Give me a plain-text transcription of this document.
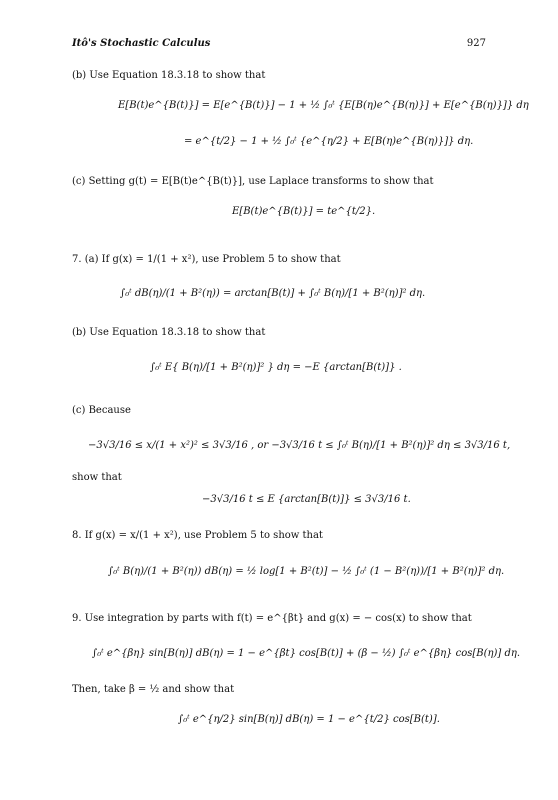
Itô's Stochastic Calculus	927
(b) Use Equation 18.3.18 to show that
E[B(t)e^{B(t)}] = E[e^{B(t)}] − 1 + ½ ∫₀ᵗ {E[B(η)e^{B(η)}] + E[e^{B(η)}]} dη
= e^{t/2} − 1 + ½ ∫₀ᵗ {e^{η/2} + E[B(η)e^{B(η)}]} dη.
(c) Setting g(t) = E[B(t)e^{B(t)}], use Laplace transforms to show that
E[B(t)e^{B(t)}] = te^{t/2}.
7. (a) If g(x) = 1/(1 + x²), use Problem 5 to show that
∫₀ᵗ dB(η)/(1 + B²(η)) = arctan[B(t)] + ∫₀ᵗ B(η)/[1 + B²(η)]² dη.
(b) Use Equation 18.3.18 to show that
∫₀ᵗ E{ B(η)/[1 + B²(η)]² } dη = −E {arctan[B(t)]} .
(c) Because
−3√3/16 ≤ x/(1 + x²)² ≤ 3√3/16 , or −3√3/16 t ≤ ∫₀ᵗ B(η)/[1 + B²(η)]² dη ≤ 3√3/16 t,
show that
−3√3/16 t ≤ E {arctan[B(t)]} ≤ 3√3/16 t.
8. If g(x) = x/(1 + x²), use Problem 5 to show that
∫₀ᵗ B(η)/(1 + B²(η)) dB(η) = ½ log[1 + B²(t)] − ½ ∫₀ᵗ (1 − B²(η))/[1 + B²(η)]² dη.
9. Use integration by parts with f(t) = e^{βt} and g(x) = − cos(x) to show that
∫₀ᵗ e^{βη} sin[B(η)] dB(η) = 1 − e^{βt} cos[B(t)] + (β − ½) ∫₀ᵗ e^{βη} cos[B(η)] dη.
Then, take β = ½ and show that
∫₀ᵗ e^{η/2} sin[B(η)] dB(η) = 1 − e^{t/2} cos[B(t)].
